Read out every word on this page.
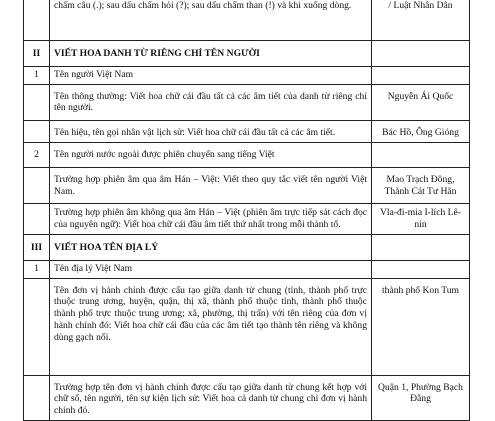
	chấm câu (.); sau dấu chấm hỏi (?); sau dấu chấm than (!) và khi xuống dòng.	/ Luật Nhân Dân
II	VIẾT HOA DANH TỪ RIÊNG CHỈ TÊN NGƯỜI	
1	Tên người Việt Nam	
	Tên thông thường: Viết hoa chữ cái đầu tất cả các âm tiết của danh từ riêng chỉ tên người.	Nguyễn Ái Quốc
	Tên hiệu, tên gọi nhân vật lịch sử: Viết hoa chữ cái đầu tất cả các âm tiết.	Bác Hồ, Ông Gióng
2	Tên người nước ngoài được phiên chuyển sang tiếng Việt	
	Trường hợp phiên âm qua âm Hán – Việt: Viết theo quy tắc viết tên người Việt Nam.	Mao Trạch Đông, Thành Cát Tư Hãn
	Trường hợp phiên âm không qua âm Hán – Việt (phiên âm trực tiếp sát cách đọc của nguyên ngữ): Viết hoa chữ cái đầu âm tiết thứ nhất trong mỗi thành tố.	Vla-đi-mia I-lích Lê-nin
III	VIẾT HOA TÊN ĐỊA LÝ	
1	Tên địa lý Việt Nam	
	Tên đơn vị hành chính được cấu tạo giữa danh từ chung (tỉnh, thành phố trực thuộc trung ương, huyện, quận, thị xã, thành phố thuộc tỉnh, thành phố thuộc thành phố trực thuộc trung ương; xã, phường, thị trấn) với tên riêng của đơn vị hành chính đó: Viết hoa chữ cái đầu của các âm tiết tạo thành tên riêng và không dùng gạch nối.	thành phố Kon Tum
	Trường hợp tên đơn vị hành chính được cấu tạo giữa danh từ chung kết hợp với chữ số, tên người, tên sự kiện lịch sử: Viết hoa cả danh từ chung chỉ đơn vị hành chính đó.	Quận 1, Phường Bạch Đằng
